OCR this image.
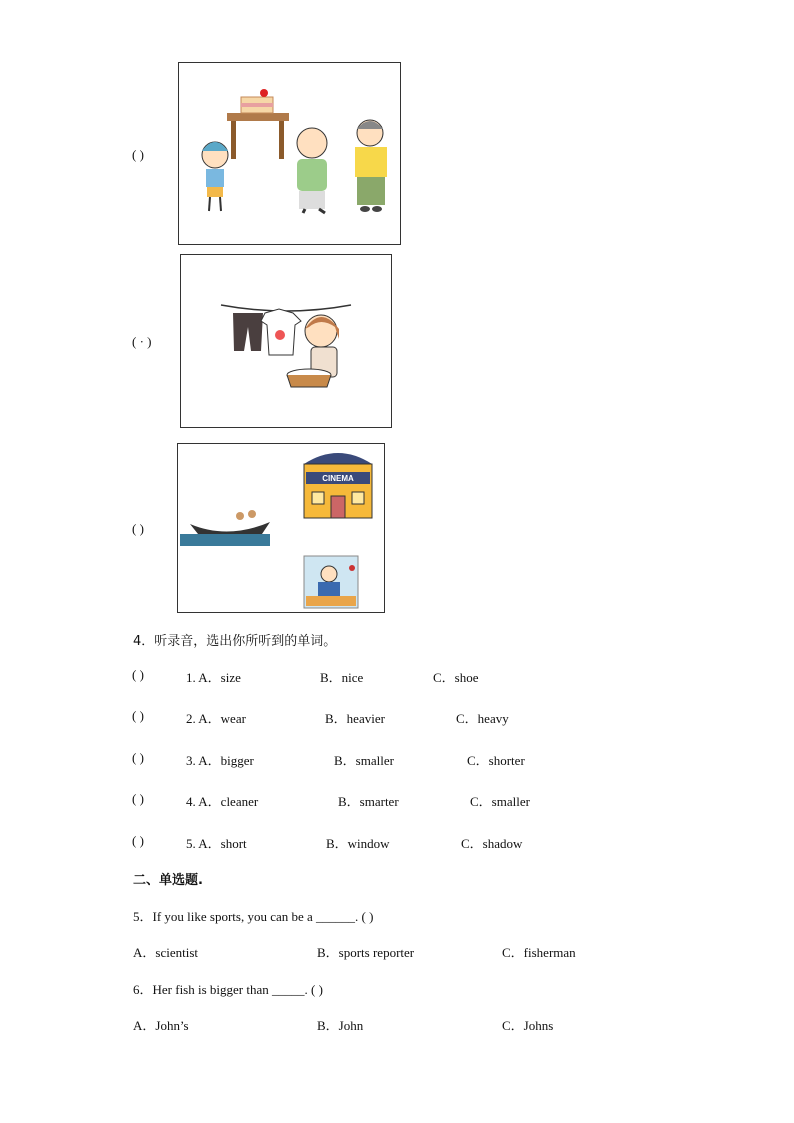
( )
( · )
( )
CINEMA
4．听录音，选出你所听到的单词。
( )	1. A．size	B．nice	C．shoe
( )	2. A．wear	B．heavier	C．heavy
( )	3. A．bigger	B．smaller	C．shorter
( )	4. A．cleaner	B．smarter	C．smaller
( )	5. A．short	B．window	C．shadow
二、单选题.
5．If you like sports, you can be a ______. ( )
A．scientist	B．sports reporter	C．fisherman
6．Her fish is bigger than _____. ( )
A．John’s	B．John	C．Johns
